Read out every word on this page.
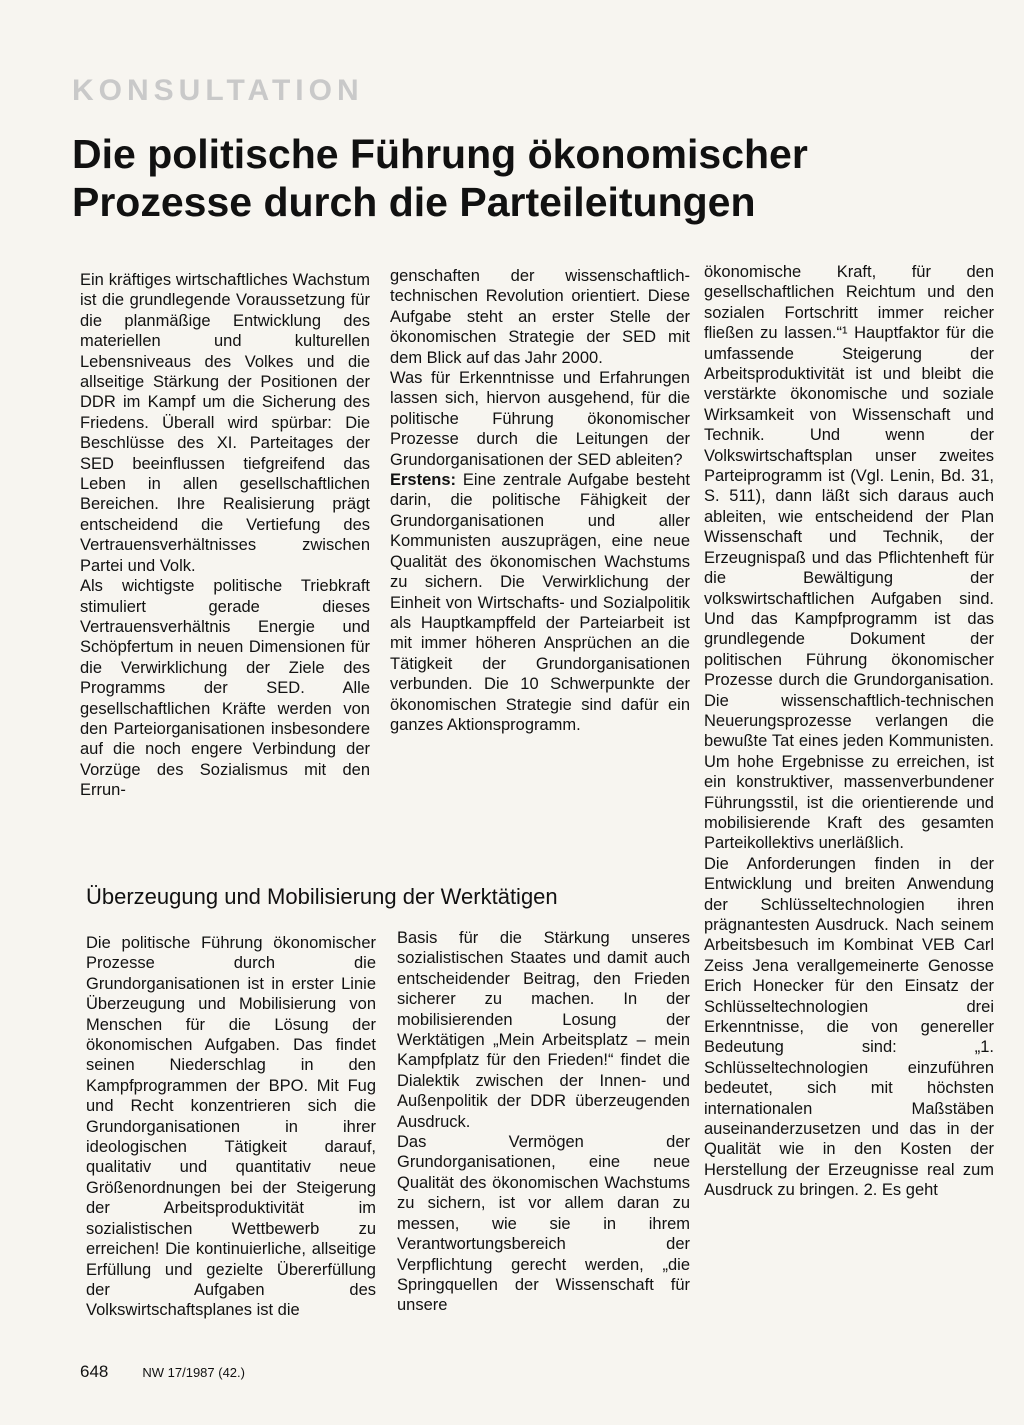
KONSULTATION
Die politische Führung ökonomischer Prozesse durch die Parteileitungen

Ein kräftiges wirtschaftliches Wachstum ist die grundlegende Voraussetzung für die planmäßige Entwicklung des materiellen und kulturellen Lebensniveaus des Volkes und die allseitige Stärkung der Positionen der DDR im Kampf um die Sicherung des Friedens. Überall wird spürbar: Die Beschlüsse des XI. Parteitages der SED beeinflussen tiefgreifend das Leben in allen gesellschaftlichen Bereichen. Ihre Realisierung prägt entscheidend die Vertiefung des Vertrauensverhältnisses zwischen Partei und Volk.

Als wichtigste politische Triebkraft stimuliert gerade dieses Vertrauensverhältnis Energie und Schöpfertum in neuen Dimensionen für die Verwirklichung der Ziele des Programms der SED. Alle gesellschaftlichen Kräfte werden von den Parteiorganisationen insbesondere auf die noch engere Verbindung der Vorzüge des Sozialismus mit den Errun-

genschaften der wissenschaftlich-technischen Revolution orientiert. Diese Aufgabe steht an erster Stelle der ökonomischen Strategie der SED mit dem Blick auf das Jahr 2000.

Was für Erkenntnisse und Erfahrungen lassen sich, hiervon ausgehend, für die politische Führung ökonomischer Prozesse durch die Leitungen der Grundorganisationen der SED ableiten?

Erstens: Eine zentrale Aufgabe besteht darin, die politische Fähigkeit der Grundorganisationen und aller Kommunisten auszuprägen, eine neue Qualität des ökonomischen Wachstums zu sichern. Die Verwirklichung der Einheit von Wirtschafts- und Sozialpolitik als Hauptkampffeld der Parteiarbeit ist mit immer höheren Ansprüchen an die Tätigkeit der Grundorganisationen verbunden. Die 10 Schwerpunkte der ökonomischen Strategie sind dafür ein ganzes Aktionsprogramm.

ökonomische Kraft, für den gesellschaftlichen Reichtum und den sozialen Fortschritt immer reicher fließen zu lassen.“¹ Hauptfaktor für die umfassende Steigerung der Arbeitsproduktivität ist und bleibt die verstärkte ökonomische und soziale Wirksamkeit von Wissenschaft und Technik. Und wenn der Volkswirtschaftsplan unser zweites Parteiprogramm ist (Vgl. Lenin, Bd. 31, S. 511), dann läßt sich daraus auch ableiten, wie entscheidend der Plan Wissenschaft und Technik, der Erzeugnispaß und das Pflichtenheft für die Bewältigung der volkswirtschaftlichen Aufgaben sind. Und das Kampfprogramm ist das grundlegende Dokument der politischen Führung ökonomischer Prozesse durch die Grundorganisation. Die wissenschaftlich-technischen Neuerungsprozesse verlangen die bewußte Tat eines jeden Kommunisten. Um hohe Ergebnisse zu erreichen, ist ein konstruktiver, massenverbundener Führungsstil, ist die orientierende und mobilisierende Kraft des gesamten Parteikollektivs unerläßlich.

Die Anforderungen finden in der Entwicklung und breiten Anwendung der Schlüsseltechnologien ihren prägnantesten Ausdruck. Nach seinem Arbeitsbesuch im Kombinat VEB Carl Zeiss Jena verallgemeinerte Genosse Erich Honecker für den Einsatz der Schlüsseltechnologien drei Erkenntnisse, die von genereller Bedeutung sind: „1. Schlüsseltechnologien einzuführen bedeutet, sich mit höchsten internationalen Maßstäben auseinanderzusetzen und das in der Qualität wie in den Kosten der Herstellung der Erzeugnisse real zum Ausdruck zu bringen. 2. Es geht

Überzeugung und Mobilisierung der Werktätigen

Die politische Führung ökonomischer Prozesse durch die Grundorganisationen ist in erster Linie Überzeugung und Mobilisierung von Menschen für die Lösung der ökonomischen Aufgaben. Das findet seinen Niederschlag in den Kampfprogrammen der BPO. Mit Fug und Recht konzentrieren sich die Grundorganisationen in ihrer ideologischen Tätigkeit darauf, qualitativ und quantitativ neue Größenordnungen bei der Steigerung der Arbeitsproduktivität im sozialistischen Wettbewerb zu erreichen! Die kontinuierliche, allseitige Erfüllung und gezielte Übererfüllung der Aufgaben des Volkswirtschaftsplanes ist die

Basis für die Stärkung unseres sozialistischen Staates und damit auch entscheidender Beitrag, den Frieden sicherer zu machen. In der mobilisierenden Losung der Werktätigen „Mein Arbeitsplatz – mein Kampfplatz für den Frieden!“ findet die Dialektik zwischen der Innen- und Außenpolitik der DDR überzeugenden Ausdruck.

Das Vermögen der Grundorganisationen, eine neue Qualität des ökonomischen Wachstums zu sichern, ist vor allem daran zu messen, wie sie in ihrem Verantwortungsbereich der Verpflichtung gerecht werden, „die Springquellen der Wissenschaft für unsere

648	NW 17/1987 (42.)
